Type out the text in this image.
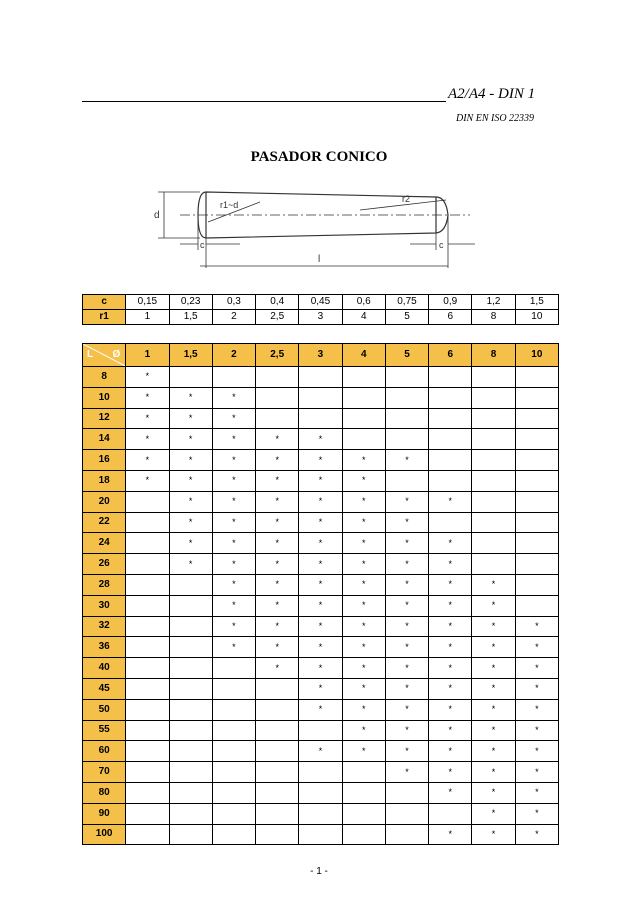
A2/A4 - DIN 1
DIN EN ISO 22339
PASADOR CONICO
d
r1~d
r2
c	c
l
c	0,15	0,23	0,3	0,4	0,45	0,6	0,75	0,9	1,2	1,5
r1	1	1,5	2	2,5	3	4	5	6	8	10
L Ø	1	1,5	2	2,5	3	4	5	6	8	10
8	*									
10	*	*	*							
12	*	*	*							
14	*	*	*	*	*					
16	*	*	*	*	*	*	*			
18	*	*	*	*	*	*				
20		*	*	*	*	*	*	*		
22		*	*	*	*	*	*			
24		*	*	*	*	*	*	*		
26		*	*	*	*	*	*	*		
28			*	*	*	*	*	*	*	
30			*	*	*	*	*	*	*	
32			*	*	*	*	*	*	*	*
36			*	*	*	*	*	*	*	*
40				*	*	*	*	*	*	*
45					*	*	*	*	*	*
50					*	*	*	*	*	*
55						*	*	*	*	*
60					*	*	*	*	*	*
70							*	*	*	*
80								*	*	*
90									*	*
100								*	*	*
- 1 -
